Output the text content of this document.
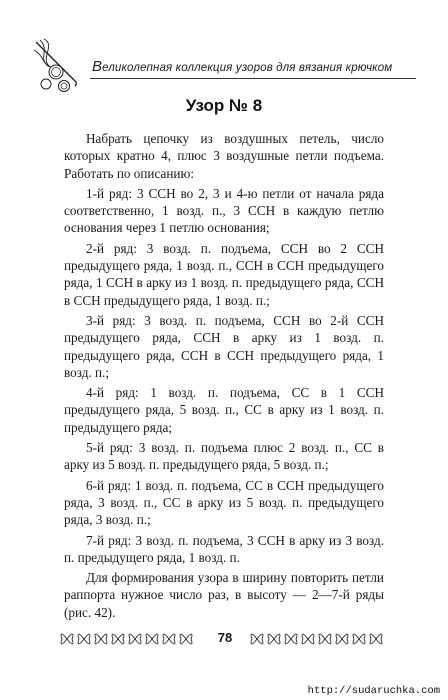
Великолепная коллекция узоров для вязания крючком
Узор № 8

Набрать цепочку из воздушных петель, число которых кратно 4, плюс 3 воздушные петли подъема. Работать по описанию:

1-й ряд: 3 ССН во 2, 3 и 4-ю петли от начала ряда соответственно, 1 возд. п., 3 ССН в каждую петлю основания через 1 петлю основания;

2-й ряд: 3 возд. п. подъема, ССН во 2 ССН предыдущего ряда, 1 возд. п., ССН в ССН предыдущего ряда, 1 ССН в арку из 1 возд. п. предыдущего ряда, ССН в ССН предыдущего ряда, 1 возд. п.;

3-й ряд: 3 возд. п. подъема, ССН во 2-й ССН предыдущего ряда, ССН в арку из 1 возд. п. предыдущего ряда, ССН в ССН предыдущего ряда, 1 возд. п.;

4-й ряд: 1 возд. п. подъема, СС в 1 ССН предыдущего ряда, 5 возд. п., СС в арку из 1 возд. п. предыдущего ряда;

5-й ряд: 3 возд. п. подъема плюс 2 возд. п., СС в арку из 5 возд. п. предыдущего ряда, 5 возд. п.;

6-й ряд: 1 возд. п. подъема, СС в ССН предыдущего ряда, 3 возд. п., СС в арку из 5 возд. п. предыдущего ряда, 3 возд. п.;

7-й ряд: 3 возд. п. подъема, 3 ССН в арку из 3 возд. п. предыдущего ряда, 1 возд. п.

Для формирования узора в ширину повторить петли раппорта нужное число раз, в высоту — 2—7-й ряды (рис. 42).

78
http://sudaruchka.com
